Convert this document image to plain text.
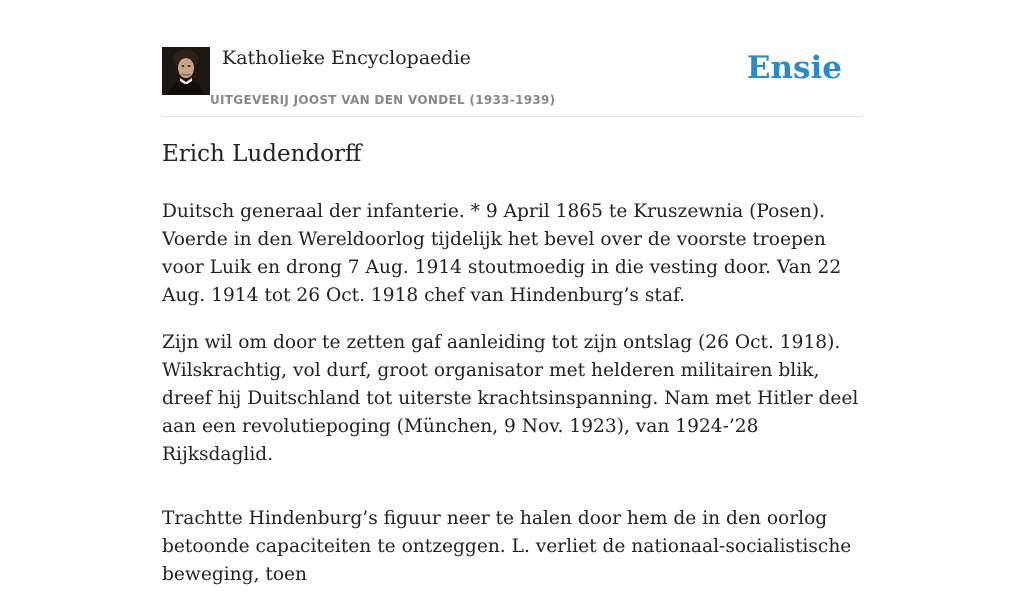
Katholieke Encyclopaedie
UITGEVERIJ JOOST VAN DEN VONDEL (1933-1939)
Ensie
Erich Ludendorff

Duitsch generaal der infanterie. * 9 April 1865 te Kruszewnia (Posen). Voerde in den Wereldoorlog tijdelijk het bevel over de voorste troepen voor Luik en drong 7 Aug. 1914 stoutmoedig in die vesting door. Van 22 Aug. 1914 tot 26 Oct. 1918 chef van Hindenburg’s staf.

Zijn wil om door te zetten gaf aanleiding tot zijn ontslag (26 Oct. 1918). Wilskrachtig, vol durf, groot organisator met helderen militairen blik, dreef hij Duitschland tot uiterste krachtsinspanning. Nam met Hitler deel aan een revolutiepoging (München, 9 Nov. 1923), van 1924-’28 Rijksdaglid.

Trachtte Hindenburg’s figuur neer te halen door hem de in den oorlog betoonde capaciteiten te ontzeggen. L. verliet de nationaal-socialistische beweging, toen
